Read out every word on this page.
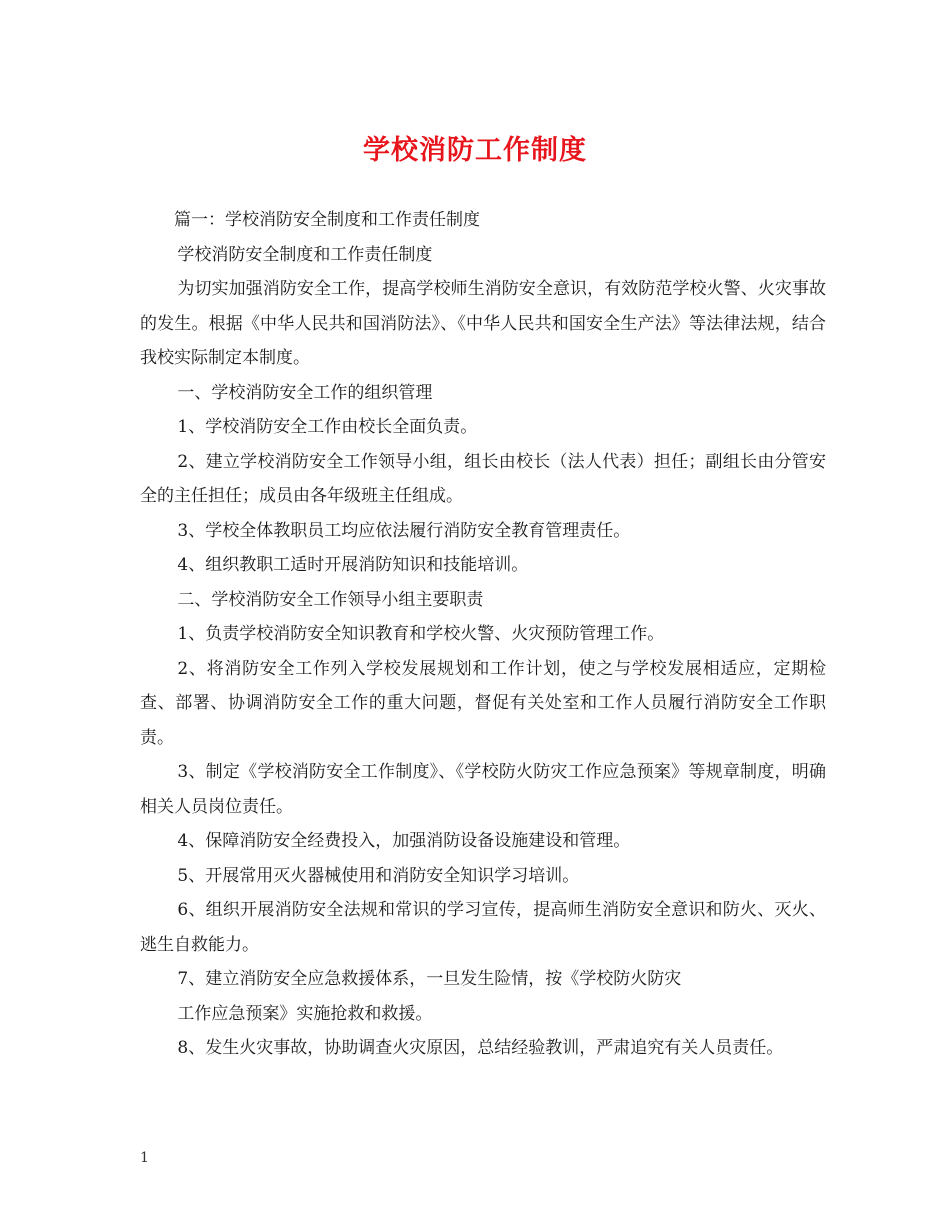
学校消防工作制度

篇一：学校消防安全制度和工作责任制度

学校消防安全制度和工作责任制度

为切实加强消防安全工作，提高学校师生消防安全意识，有效防范学校火警、火灾事故的发生。根据《中华人民共和国消防法》、《中华人民共和国安全生产法》等法律法规，结合我校实际制定本制度。

一、学校消防安全工作的组织管理

1、学校消防安全工作由校长全面负责。

2、建立学校消防安全工作领导小组，组长由校长（法人代表）担任；副组长由分管安全的主任担任；成员由各年级班主任组成。

3、学校全体教职员工均应依法履行消防安全教育管理责任。

4、组织教职工适时开展消防知识和技能培训。

二、学校消防安全工作领导小组主要职责

1、负责学校消防安全知识教育和学校火警、火灾预防管理工作。

2、将消防安全工作列入学校发展规划和工作计划，使之与学校发展相适应，定期检查、部署、协调消防安全工作的重大问题，督促有关处室和工作人员履行消防安全工作职责。

3、制定《学校消防安全工作制度》、《学校防火防灾工作应急预案》等规章制度，明确相关人员岗位责任。

4、保障消防安全经费投入，加强消防设备设施建设和管理。

5、开展常用灭火器械使用和消防安全知识学习培训。

6、组织开展消防安全法规和常识的学习宣传，提高师生消防安全意识和防火、灭火、逃生自救能力。

7、建立消防安全应急救援体系，一旦发生险情，按《学校防火防灾

工作应急预案》实施抢救和救援。

8、发生火灾事故，协助调查火灾原因，总结经验教训，严肃追究有关人员责任。

1
